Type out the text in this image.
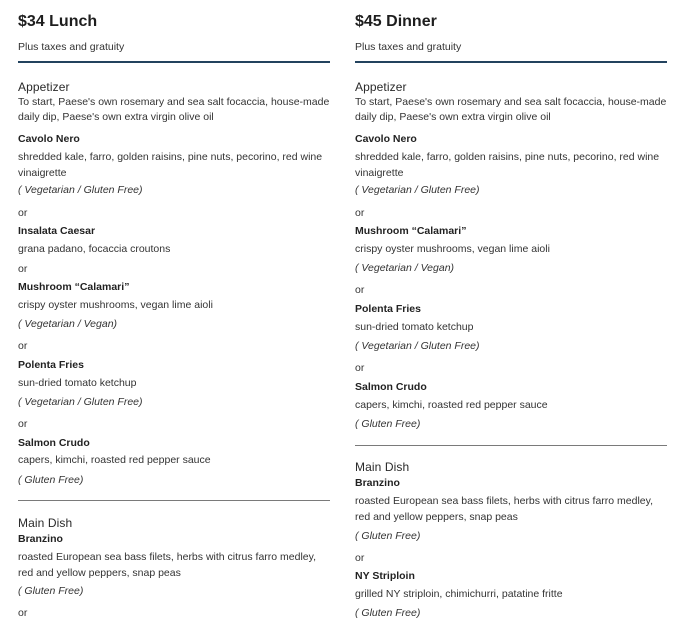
$34 Lunch

Plus taxes and gratuity

Appetizer

To start, Paese's own rosemary and sea salt focaccia, house-made daily dip, Paese's own extra virgin olive oil

Cavolo Nero

shredded kale, farro, golden raisins, pine nuts, pecorino, red wine vinaigrette

( Vegetarian / Gluten Free)

or

Insalata Caesar

grana padano, focaccia croutons

or

Mushroom “Calamari”

crispy oyster mushrooms, vegan lime aioli

( Vegetarian / Vegan)

or

Polenta Fries

sun-dried tomato ketchup

( Vegetarian / Gluten Free)

or

Salmon Crudo

capers, kimchi, roasted red pepper sauce

( Gluten Free)

Main Dish

Branzino

roasted European sea bass filets, herbs with citrus farro medley, red and yellow peppers, snap peas

( Gluten Free)

or

$45 Dinner

Plus taxes and gratuity

Appetizer

To start, Paese's own rosemary and sea salt focaccia, house-made daily dip, Paese's own extra virgin olive oil

Cavolo Nero

shredded kale, farro, golden raisins, pine nuts, pecorino, red wine vinaigrette

( Vegetarian / Gluten Free)

or

Mushroom “Calamari”

crispy oyster mushrooms, vegan lime aioli

( Vegetarian / Vegan)

or

Polenta Fries

sun-dried tomato ketchup

( Vegetarian / Gluten Free)

or

Salmon Crudo

capers, kimchi, roasted red pepper sauce

( Gluten Free)

Main Dish

Branzino

roasted European sea bass filets, herbs with citrus farro medley, red and yellow peppers, snap peas

( Gluten Free)

or

NY Striploin

grilled NY striploin, chimichurri, patatine fritte

( Gluten Free)
